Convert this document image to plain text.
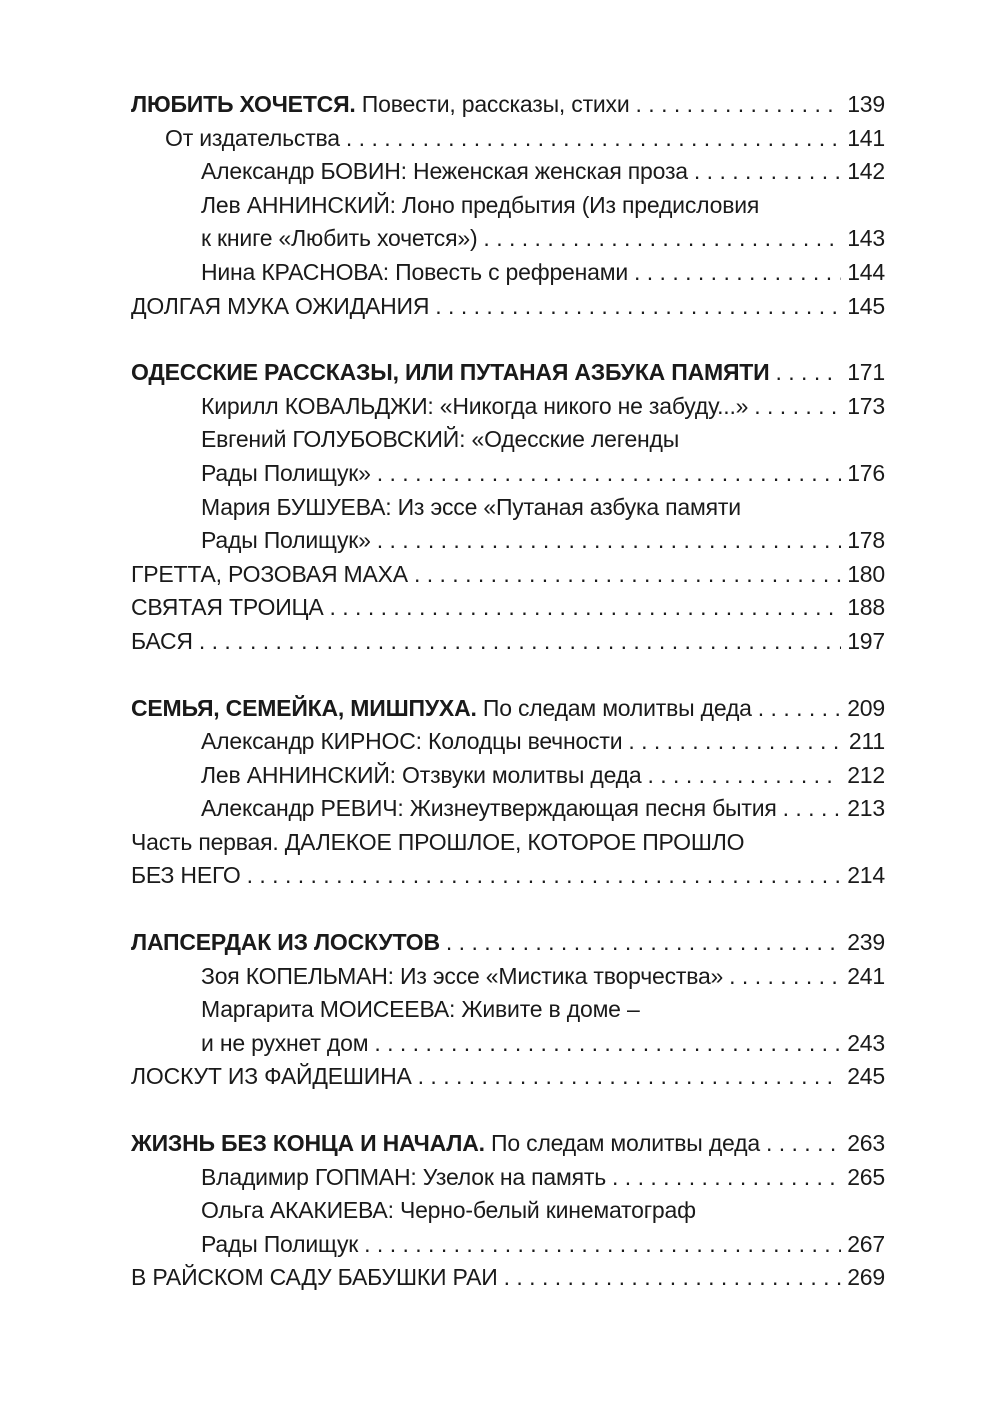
ЛЮБИТЬ ХОЧЕТСЯ. Повести, рассказы, стихи . . .	139
От издательства . . .	141
Александр БОВИН: Неженская женская проза . . .	142
Лев АННИНСКИЙ: Лоно предбытия (Из предисловия
к книге «Любить хочется») . . .	143
Нина КРАСНОВА: Повесть с рефренами . . .	144
ДОЛГАЯ МУКА ОЖИДАНИЯ . . .	145
ОДЕССКИЕ РАССКАЗЫ, ИЛИ ПУТАНАЯ АЗБУКА ПАМЯТИ . . .	171
Кирилл КОВАЛЬДЖИ: «Никогда никого не забуду...» . . .	173
Евгений ГОЛУБОВСКИЙ: «Одесские легенды
Рады Полищук» . . .	176
Мария БУШУЕВА: Из эссе «Путаная азбука памяти
Рады Полищук» . . .	178
ГРЕТТА, РОЗОВАЯ МАХА . . .	180
СВЯТАЯ ТРОИЦА . . .	188
БАСЯ . . .	197
СЕМЬЯ, СЕМЕЙКА, МИШПУХА. По следам молитвы деда . . .	209
Александр КИРНОС: Колодцы вечности . . .	211
Лев АННИНСКИЙ: Отзвуки молитвы деда . . .	212
Александр РЕВИЧ: Жизнеутверждающая песня бытия . . .	213
Часть первая. ДАЛЕКОЕ ПРОШЛОЕ, КОТОРОЕ ПРОШЛО
БЕЗ НЕГО . . .	214
ЛАПСЕРДАК ИЗ ЛОСКУТОВ . . .	239
Зоя КОПЕЛЬМАН: Из эссе «Мистика творчества» . . .	241
Маргарита МОИСЕЕВА: Живите в доме –
и не рухнет дом . . .	243
ЛОСКУТ ИЗ ФАЙДЕШИНА . . .	245
ЖИЗНЬ БЕЗ КОНЦА И НАЧАЛА. По следам молитвы деда . . .	263
Владимир ГОПМАН: Узелок на память . . .	265
Ольга АКАКИЕВА: Черно-белый кинематограф
Рады Полищук . . .	267
В РАЙСКОМ САДУ БАБУШКИ РАИ . . .	269
